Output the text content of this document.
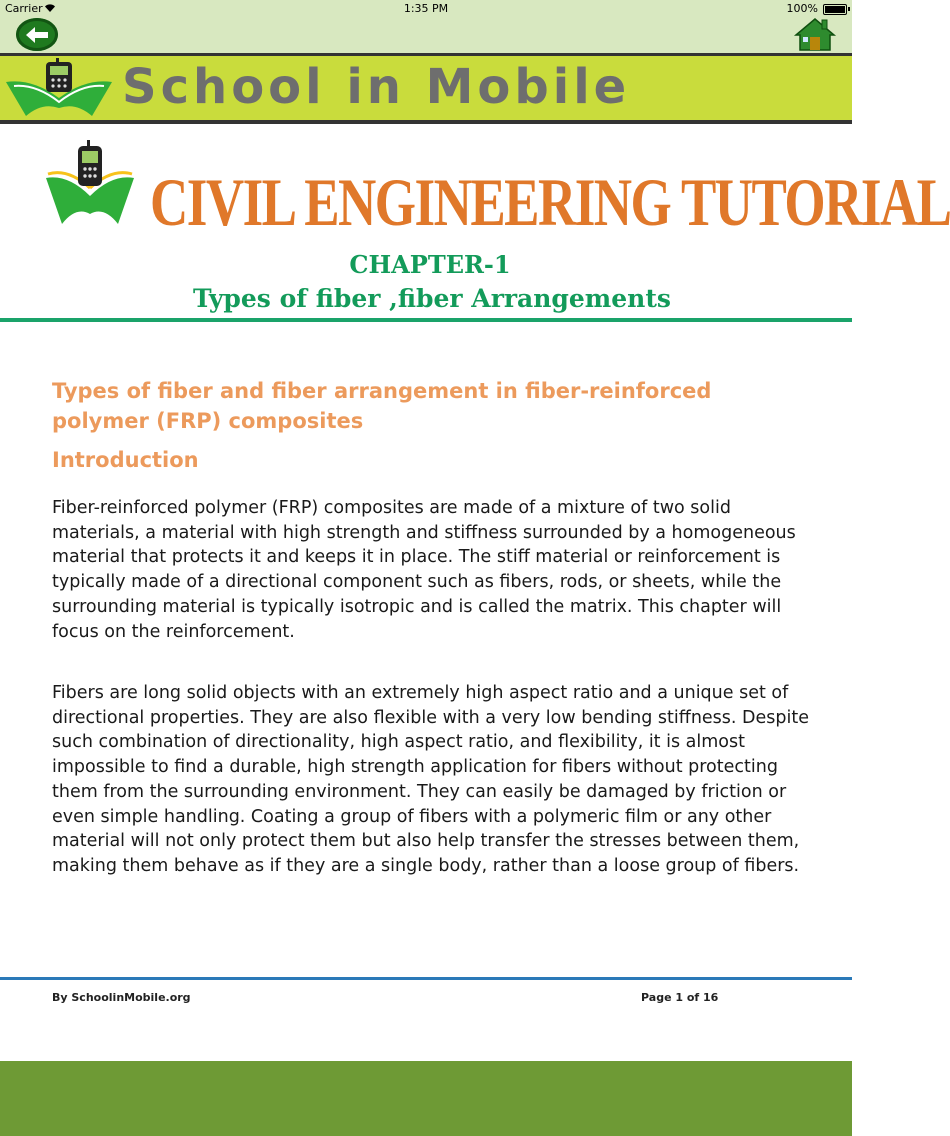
Carrier	1:35 PM	100%
School in Mobile
CIVIL ENGINEERING TUTORIAL
CHAPTER-1
Types of fiber ,fiber Arrangements
Types of fiber and fiber arrangement in fiber-reinforced polymer (FRP) composites
Introduction
Fiber-reinforced polymer (FRP) composites are made of a mixture of two solid materials, a material with high strength and stiffness surrounded by a homogeneous material that protects it and keeps it in place. The stiff material or reinforcement is typically made of a directional component such as fibers, rods, or sheets, while the surrounding material is typically isotropic and is called the matrix. This chapter will focus on the reinforcement.
Fibers are long solid objects with an extremely high aspect ratio and a unique set of directional properties. They are also flexible with a very low bending stiffness. Despite such combination of directionality, high aspect ratio, and flexibility, it is almost impossible to find a durable, high strength application for fibers without protecting them from the surrounding environment. They can easily be damaged by friction or even simple handling. Coating a group of fibers with a polymeric film or any other material will not only protect them but also help transfer the stresses between them, making them behave as if they are a single body, rather than a loose group of fibers.
By SchoolinMobile.org	Page 1 of 16
